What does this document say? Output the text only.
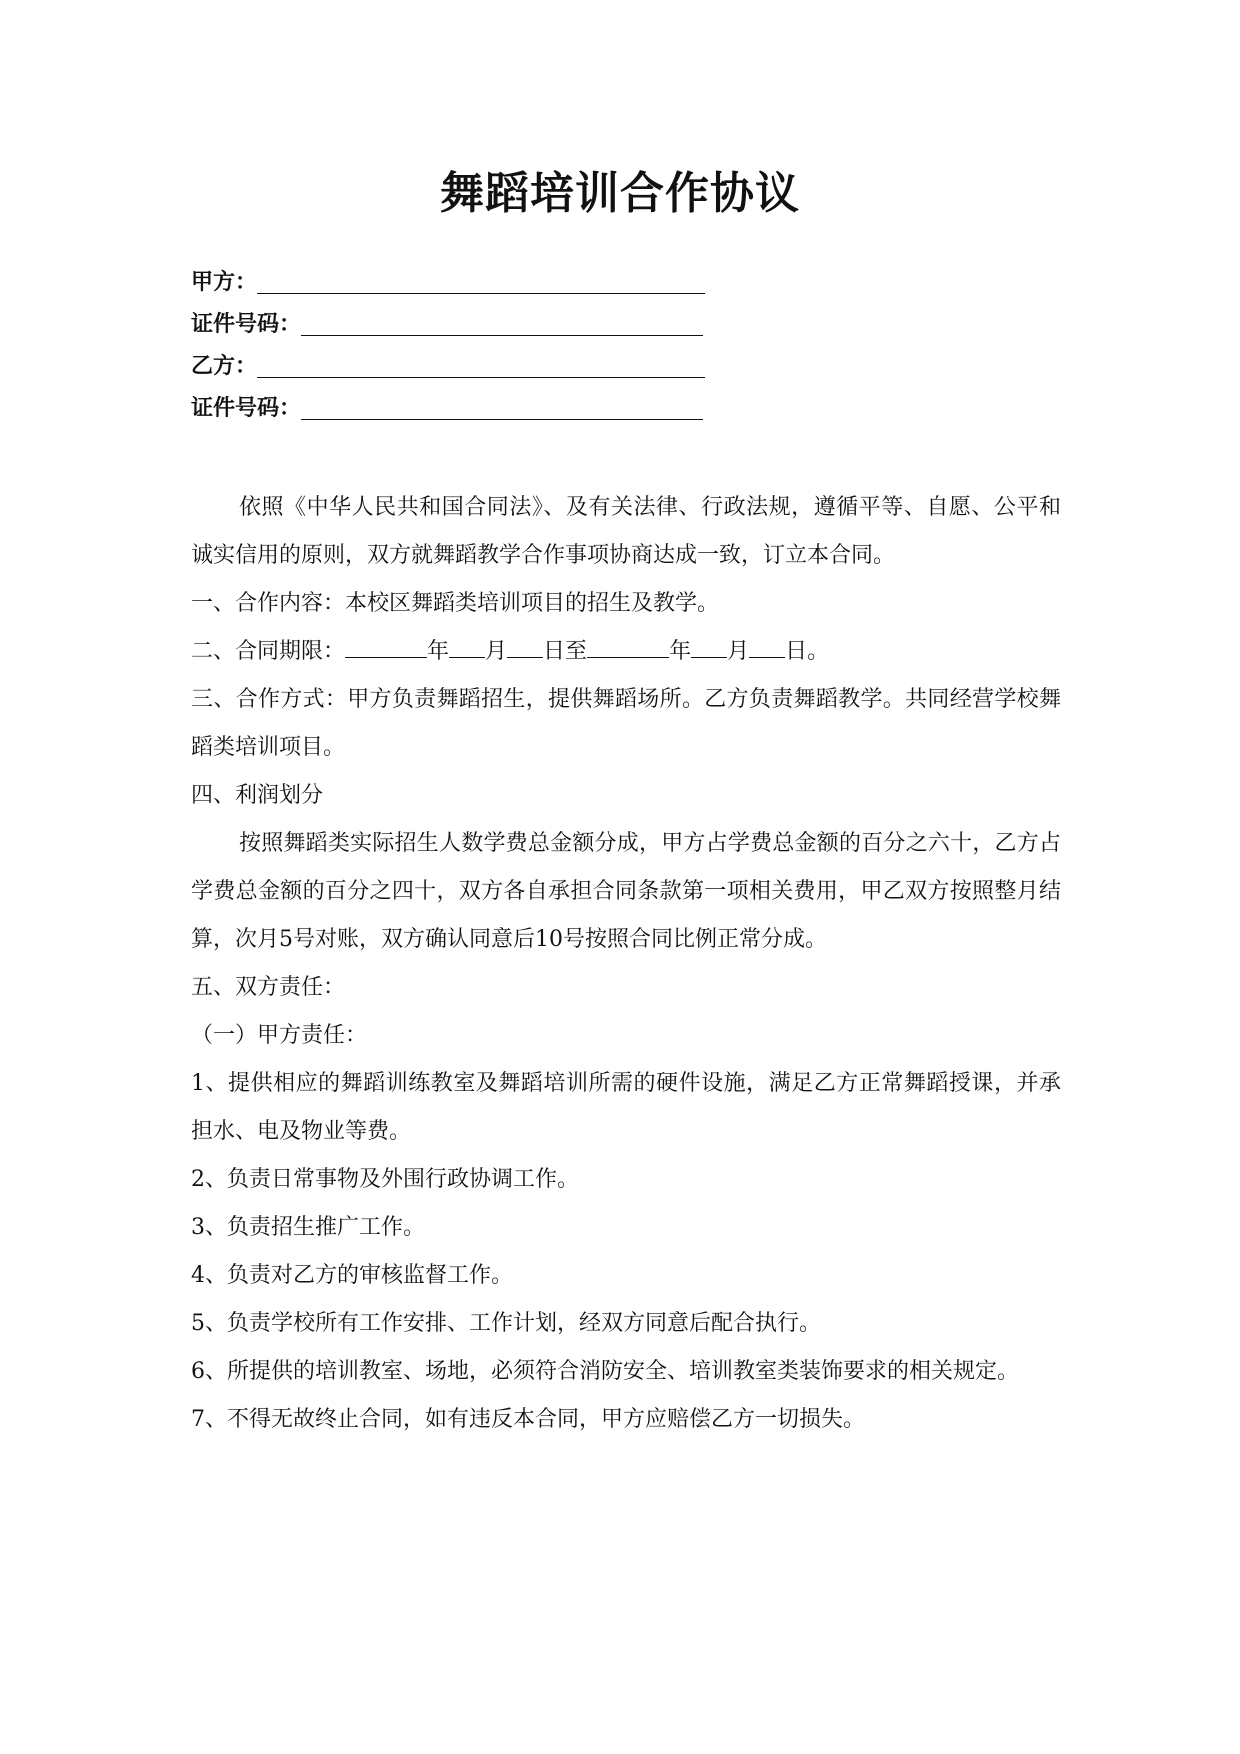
舞蹈培训合作协议
甲方：
证件号码：
乙方：
证件号码：

依照《中华人民共和国合同法》、及有关法律、行政法规，遵循平等、自愿、公平和诚实信用的原则，双方就舞蹈教学合作事项协商达成一致，订立本合同。

一、合作内容：本校区舞蹈类培训项目的招生及教学。

二、合同期限：	年 月 日至	年 月 日。

三、合作方式：甲方负责舞蹈招生，提供舞蹈场所。乙方负责舞蹈教学。共同经营学校舞蹈类培训项目。

四、利润划分

按照舞蹈类实际招生人数学费总金额分成，甲方占学费总金额的百分之六十，乙方占学费总金额的百分之四十，双方各自承担合同条款第一项相关费用，甲乙双方按照整月结算，次月5号对账，双方确认同意后10号按照合同比例正常分成。

五、双方责任：

（一）甲方责任：

1、提供相应的舞蹈训练教室及舞蹈培训所需的硬件设施，满足乙方正常舞蹈授课，并承担水、电及物业等费。

2、负责日常事物及外围行政协调工作。

3、负责招生推广工作。

4、负责对乙方的审核监督工作。

5、负责学校所有工作安排、工作计划，经双方同意后配合执行。

6、所提供的培训教室、场地，必须符合消防安全、培训教室类装饰要求的相关规定。

7、不得无故终止合同，如有违反本合同，甲方应赔偿乙方一切损失。
